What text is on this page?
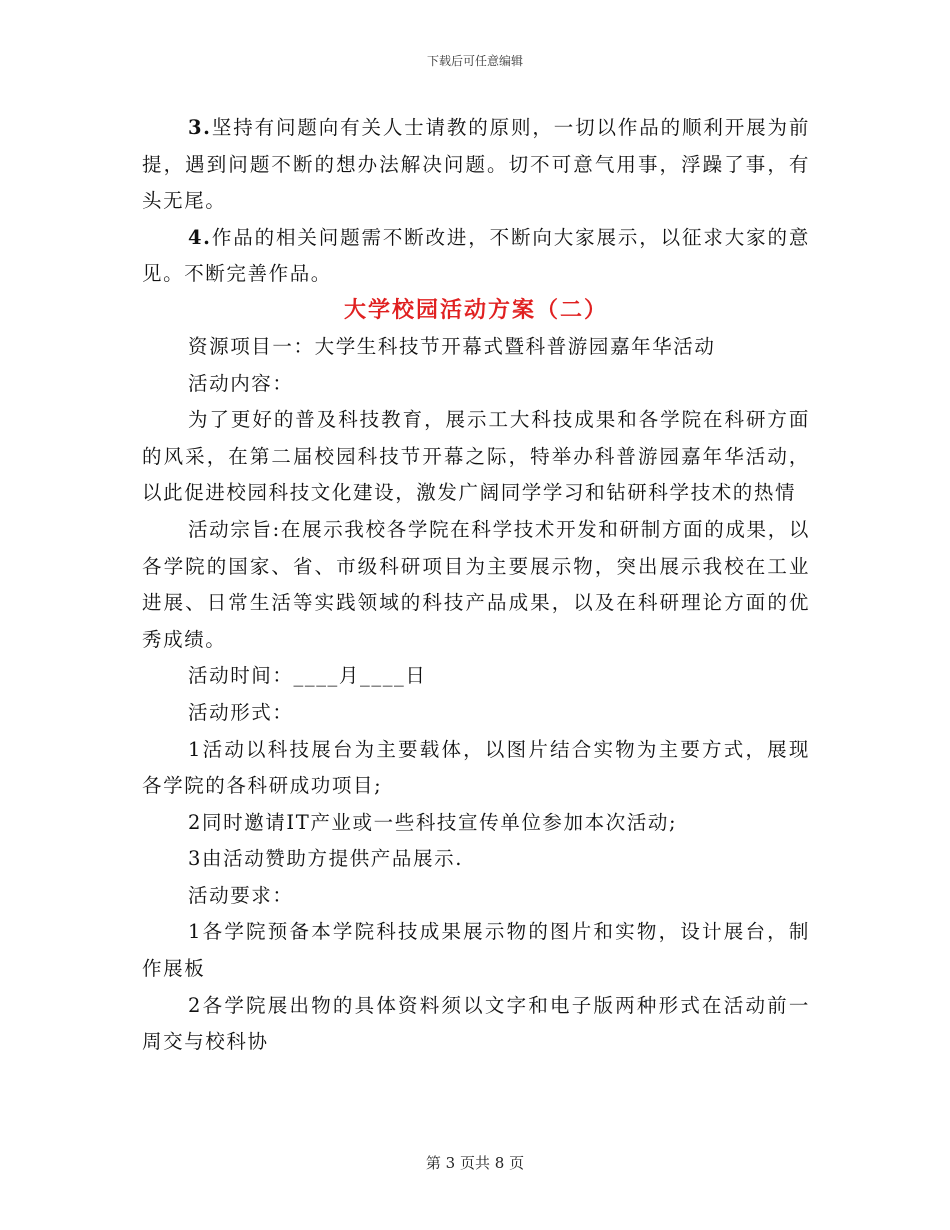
下载后可任意编辑

3.坚持有问题向有关人士请教的原则，一切以作品的顺利开展为前提，遇到问题不断的想办法解决问题。切不可意气用事，浮躁了事，有头无尾。

4.作品的相关问题需不断改进，不断向大家展示，以征求大家的意见。不断完善作品。

大学校园活动方案（二）

资源项目一：大学生科技节开幕式暨科普游园嘉年华活动

活动内容：

为了更好的普及科技教育，展示工大科技成果和各学院在科研方面的风采，在第二届校园科技节开幕之际，特举办科普游园嘉年华活动，以此促进校园科技文化建设，激发广阔同学学习和钻研科学技术的热情

活动宗旨:在展示我校各学院在科学技术开发和研制方面的成果，以各学院的国家、省、市级科研项目为主要展示物，突出展示我校在工业进展、日常生活等实践领域的科技产品成果，以及在科研理论方面的优秀成绩。

活动时间：____月____日

活动形式：

1活动以科技展台为主要载体，以图片结合实物为主要方式，展现各学院的各科研成功项目;

2同时邀请IT产业或一些科技宣传单位参加本次活动;

3由活动赞助方提供产品展示.

活动要求：

1各学院预备本学院科技成果展示物的图片和实物，设计展台，制作展板

2各学院展出物的具体资料须以文字和电子版两种形式在活动前一周交与校科协

第 3 页共 8 页
